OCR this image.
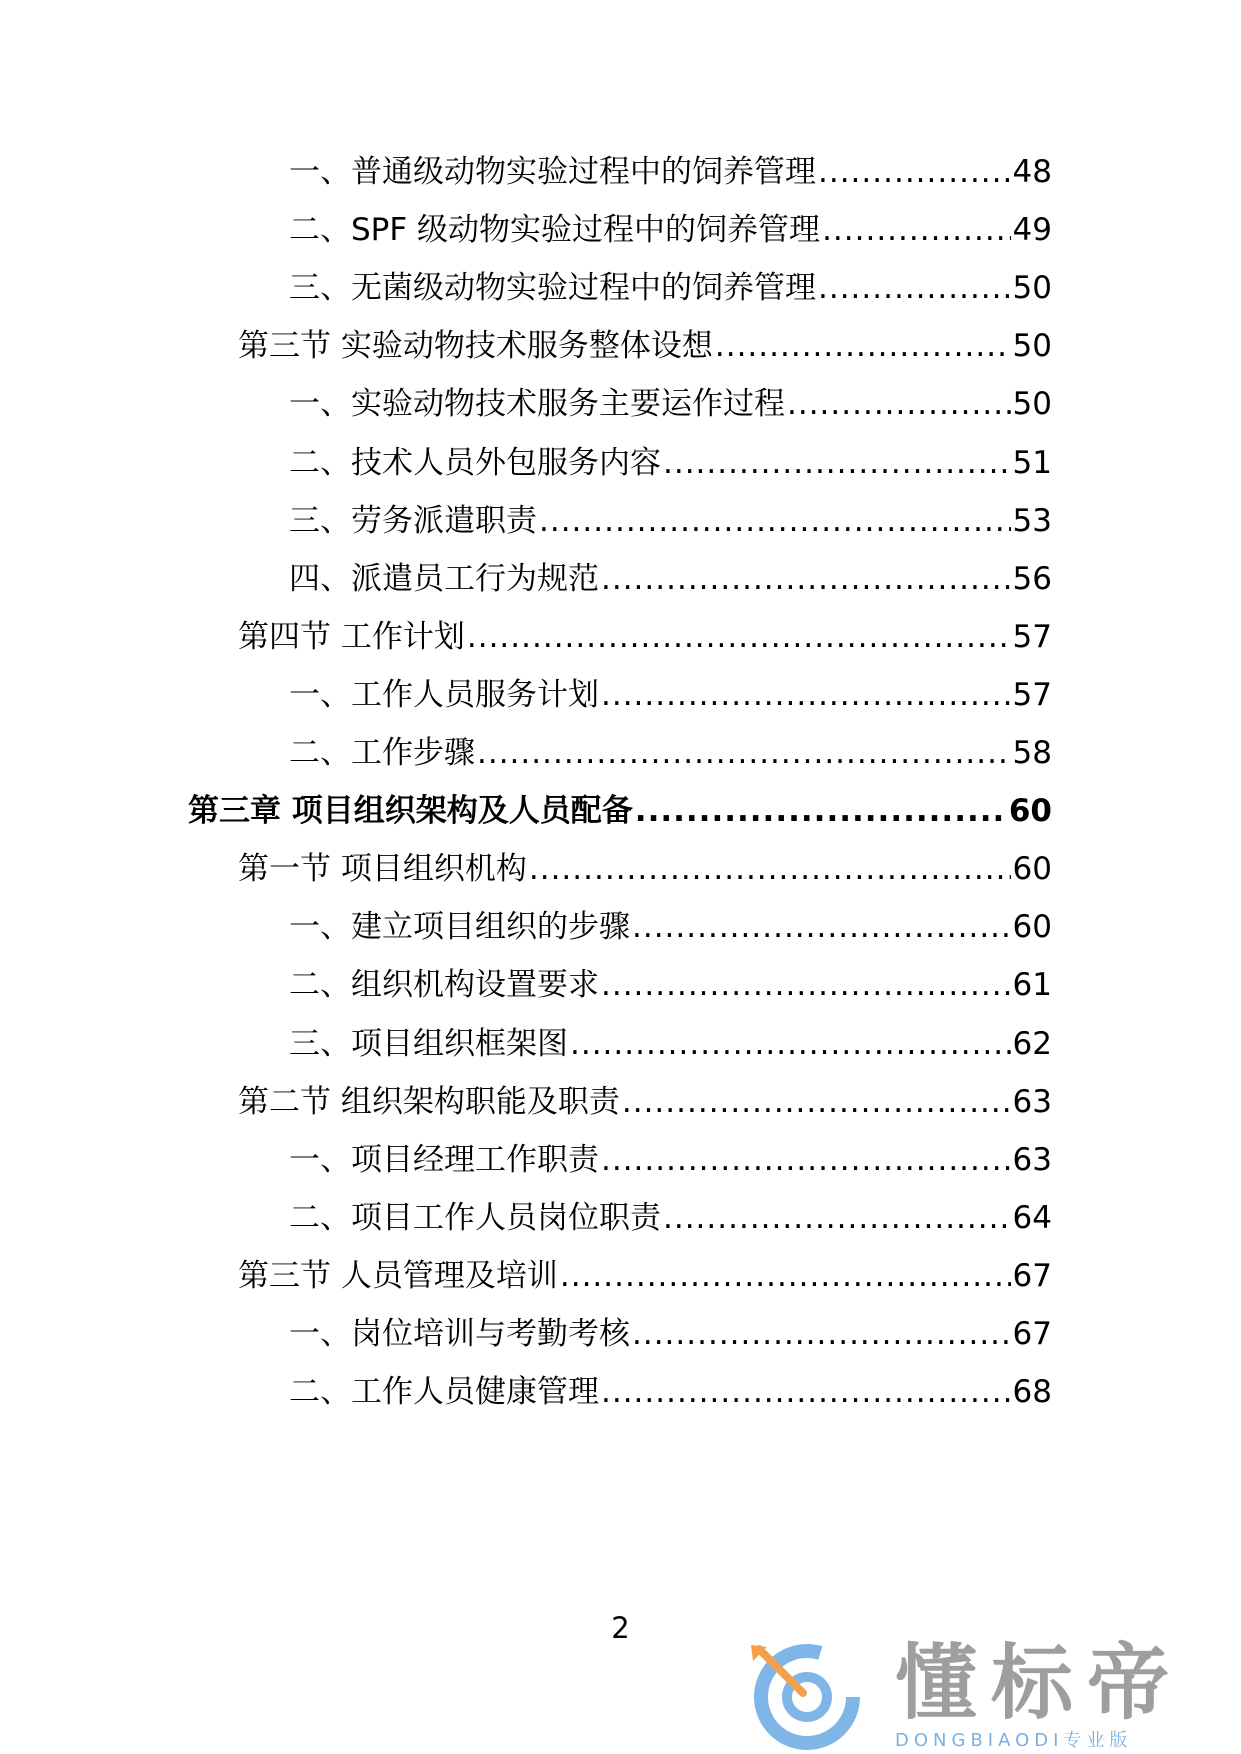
一、普通级动物实验过程中的饲养管理 .....	48
二、SPF 级动物实验过程中的饲养管理 .....	49
三、无菌级动物实验过程中的饲养管理 .....	50
第三节 实验动物技术服务整体设想 .....	50
一、实验动物技术服务主要运作过程 .....	50
二、技术人员外包服务内容 .....	51
三、劳务派遣职责 .....	53
四、派遣员工行为规范 .....	56
第四节 工作计划 .....	57
一、工作人员服务计划 .....	57
二、工作步骤 .....	58
第三章 项目组织架构及人员配备 .....	60
第一节 项目组织机构 .....	60
一、建立项目组织的步骤 .....	60
二、组织机构设置要求 .....	61
三、项目组织框架图 .....	62
第二节 组织架构职能及职责 .....	63
一、项目经理工作职责 .....	63
二、项目工作人员岗位职责 .....	64
第三节 人员管理及培训 .....	67
一、岗位培训与考勤考核 .....	67
二、工作人员健康管理 .....	68
2
懂标帝
DONGBIAODI专业版
